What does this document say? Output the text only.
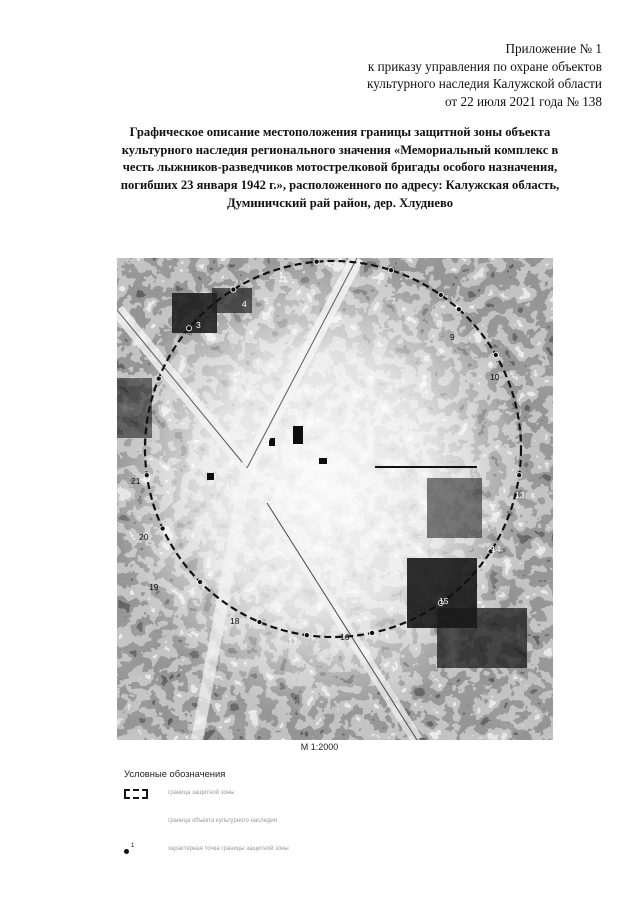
Приложение № 1
к приказу управления по охране объектов
культурного наследия Калужской области
от 22 июля 2021 года № 138
Графическое описание местоположения границы защитной зоны объекта
культурного наследия регионального значения «Мемориальный комплекс в
честь лыжников-разведчиков мотострелковой бригады особого назначения,
погибших 23 января 1942 г.», расположенного по адресу: Калужская область,
Думиничский рай район, дер. Хлуднево
21
20
19
18
17	16
15
14
13
10
9
8
7
6
5
4
3
М 1:2000
Условные обозначения
граница защитной зоны
граница объекта культурного наследия
1	характерная точка границы защитной зоны
